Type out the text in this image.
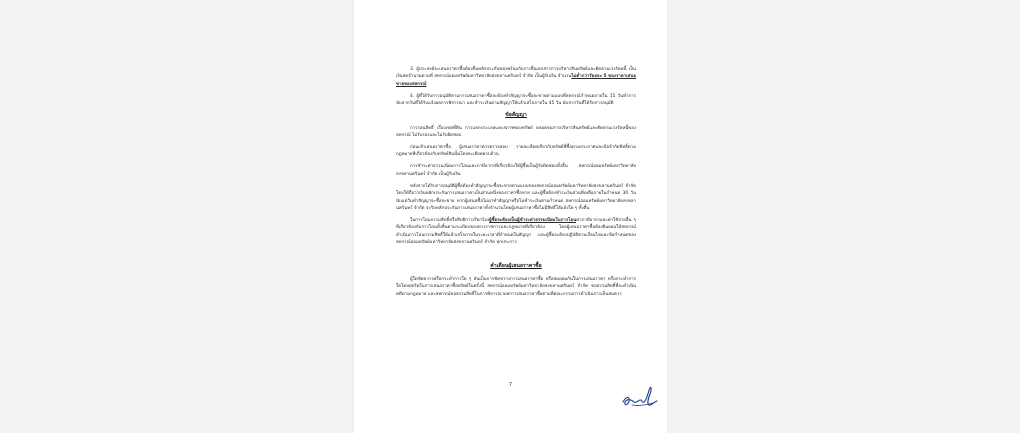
3. ผู้ประสงค์จะเสนอราคาซื้อต้องยื่นหลักประกันซองพร้อมกับการยื่นเอกสารการบริหารสินทรัพย์และติดตามเร่งรัดหนี้ เป็นเงินสดจำนวนตามที่ สหกรณ์ออมทรัพย์มหาวิทยาลัยสงขลานครินทร์ จำกัด เป็นผู้รับเงิน จำนวนไม่ต่ำกว่าร้อยละ 5 ของราคาเสนอขายของสหกรณ์

4. ผู้ที่ได้รับการอนุมัติตามการเสนอราคาซื้อจะต้องทำสัญญาจะซื้อจะขายตามแบบที่สหกรณ์กำหนดภายใน 15 วันทำการนับจากวันที่ได้รับแจ้งผลการพิจารณา และชำระเงินตามสัญญาให้แล้วเสร็จภายใน 45 วัน นับจากวันที่ได้รับการอนุมัติ

ข้อสัญญา

การรอนสิทธิ์ เรื่องเขตที่ดิน การแยกประเภทและสภาพของทรัพย์ ตลอดจนการบริหารสินทรัพย์และติดตามเร่งรัดหนี้ของสหกรณ์ ไม่รับรองและไม่รับผิดชอบ

ก่อนเข้าเสนอราคาซื้อ ผู้เสนอราคาควรตรวจสอบ รายละเอียดเกี่ยวกับทรัพย์ที่ซื้อตามประกาศและข้อจำกัดสิทธิ์ตามกฎหมายที่เกี่ยวข้องกับทรัพย์สินนั้นโดยละเอียดครบถ้วน

การชำระค่าธรรมเนียมการโอนและภาษีอากรที่เกี่ยวข้องให้ผู้ซื้อเป็นผู้รับผิดชอบทั้งสิ้น สหกรณ์ออมทรัพย์มหาวิทยาลัยสงขลานครินทร์ จำกัด เป็นผู้รับเงิน

หลังจากได้รับการอนุมัติผู้ซื้อต้องทำสัญญาจะซื้อจะขายตามแบบของสหกรณ์ออมทรัพย์มหาวิทยาลัยสงขลานครินทร์ จำกัด โดยให้ถือว่าเงินหลักประกันการเสนอราคาเป็นส่วนหนึ่งของราคาซื้อขาย และผู้ซื้อต้องชำระเงินส่วนที่เหลือภายในกำหนด 30 วัน นับแต่วันทำสัญญาจะซื้อจะขาย หากผู้เสนอซื้อไม่มาทำสัญญาหรือไม่ชำระเงินตามกำหนด สหกรณ์ออมทรัพย์มหาวิทยาลัยสงขลานครินทร์ จำกัด จะริบหลักประกันการเสนอราคาทั้งจำนวนโดยผู้เสนอราคาซื้อไม่มีสิทธิ์โต้แย้งใด ๆ ทั้งสิ้น

ในการโอนกรรมสิทธิ์หรือสิทธิการเรียกร้องผู้ซื้อจะต้องเป็นผู้ชำระค่าธรรมเนียมในการโอนค่าภาษีอากรและค่าใช้จ่ายอื่น ๆ ที่เกี่ยวข้องกับการโอนทั้งสิ้นตามระเบียบของทางราชการและกฎหมายที่เกี่ยวข้อง โดยผู้เสนอราคาซื้อต้องยินยอมให้สหกรณ์ดำเนินการโอนกรรมสิทธิ์ให้แล้วเสร็จภายในระยะเวลาที่กำหนดในสัญญา และผู้ซื้อจะต้องปฏิบัติตามเงื่อนไขและข้อกำหนดของสหกรณ์ออมทรัพย์มหาวิทยาลัยสงขลานครินทร์ จำกัด ทุกประการ

คำเตือนผู้เสนอราคาซื้อ

ผู้ใดขัดขวางหรือกระทำการใด ๆ อันเป็นการขัดขวางการเสนอราคาซื้อ หรือสมยอมกันในการเสนอราคา หรือกระทำการใดโดยทุจริตในการเสนอราคาซื้อทรัพย์ในครั้งนี้ สหกรณ์ออมทรัพย์มหาวิทยาลัยสงขลานครินทร์ จำกัด ขอสงวนสิทธิ์ที่จะดำเนินคดีตามกฎหมาย และสหกรณ์ขอสงวนสิทธิ์ในการพิจารณาผลการเสนอราคาซื้อตามที่คณะกรรมการดำเนินการเห็นสมควร

7
